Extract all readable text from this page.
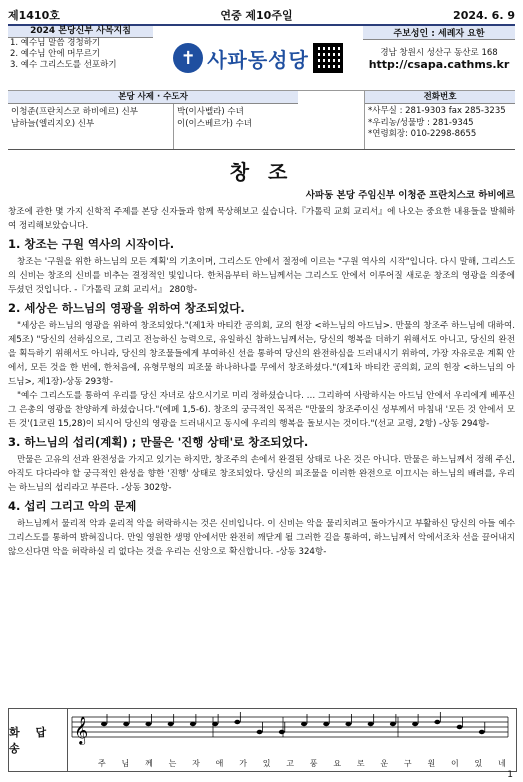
제1410호	연중 제10주일	2024. 6. 9
2024 본당신부 사목지침
1. 예수님 말씀 경청하기
2. 예수님 안에 머무르기
3. 예수 그리스도를 선포하기	✝ 사파동성당
주보성인 : 세례자 요한
경남 창원시 성산구 동산로 168
http://csapa.cathms.kr
본당 사제 · 수도자
이청준(프란치스코 하비에르) 신부
남하늘(엘리지오) 신부
박(이사벨라) 수녀
이(이스베르가) 수녀
전화번호
*사무실 : 281-9303 fax 285-3235
*우리농/성물방 : 281-9345
*연령회장: 010-2298-8655
창 조
사파동 본당 주임신부 이청준 프란치스코 하비에르

창조에 관한 몇 가지 신학적 주제를 본당 신자들과 함께 묵상해보고 싶습니다.『가톨릭 교회 교리서』에 나오는 중요한 내용들을 발췌하여 정리해보았습니다.

1. 창조는 구원 역사의 시작이다.

창조는 '구원을 위한 하느님의 모든 계획'의 기초이며, 그리스도 안에서 절정에 이르는 "구원 역사의 시작"입니다. 다시 말해, 그리스도의 신비는 창조의 신비를 비추는 결정적인 빛입니다. 한처음부터 하느님께서는 그리스도 안에서 이루어질 새로운 창조의 영광을 의중에 두셨던 것입니다. -『가톨릭 교회 교리서』 280항-

2. 세상은 하느님의 영광을 위하여 창조되었다.

"세상은 하느님의 영광을 위하여 창조되었다."(제1차 바티칸 공의회, 교의 헌장 <하느님의 아드님>. 만물의 창조주 하느님에 대하여. 제5조) "당신의 선하심으로, 그리고 전능하신 능력으로, 유일하신 참하느님께서는, 당신의 행복을 더하기 위해서도 아니고, 당신의 완전을 획득하기 위해서도 아니라, 당신의 창조물들에게 부여하신 선을 통하여 당신의 완전하심을 드러내시기 위하여, 가장 자유로운 계획 안에서, 모든 것을 한 번에, 한처음에, 유형무형의 피조물 하나하나를 무에서 창조하셨다."(제1차 바티칸 공의회, 교의 헌장 <하느님의 아드님>, 제1장)-상동 293항-

"예수 그리스도를 통하여 우리를 당신 자녀로 삼으시기로 미리 정하셨습니다. … 그리하여 사랑하시는 아드님 안에서 우리에게 베푸신 그 은총의 영광을 찬양하게 하셨습니다."(에페 1,5-6). 창조의 궁극적인 목적은 "만물의 창조주이신 성부께서 마침내 '모든 것 안에서 모든 것'(1코린 15,28)이 되시어 당신의 영광을 드러내시고 동시에 우리의 행복을 돌보시는 것이다."(선교 교령, 2항) -상동 294항-

3. 하느님의 섭리(계획) ; 만물은 '진행 상태'로 창조되었다.

만물은 고유의 선과 완전성을 가지고 있기는 하지만, 창조주의 손에서 완결된 상태로 나온 것은 아니다. 만물은 하느님께서 정해 주신, 아직도 다다라야 할 궁극적인 완성을 향한 '진행' 상태로 창조되었다. 당신의 피조물을 이러한 완전으로 이끄시는 하느님의 배려를, 우리는 하느님의 섭리라고 부른다. -상동 302항-

4. 섭리 그리고 악의 문제

하느님께서 물리적 악과 윤리적 악을 허락하시는 것은 신비입니다. 이 신비는 악을 물리치려고 돌아가시고 부활하신 당신의 아들 예수 그리스도를 통하여 밝혀집니다. 만일 영원한 생명 안에서만 완전히 깨닫게 될 그러한 길을 통하여, 하느님께서 악에서조차 선을 끌어내지 않으신다면 악을 허락하실 리 없다는 것을 우리는 신앙으로 확신합니다. -상동 324항-

화 답 송
𝄞
주 님 께 는 자 애 가 있 고 풍 요 로 운 구 원 이 있 네
1
